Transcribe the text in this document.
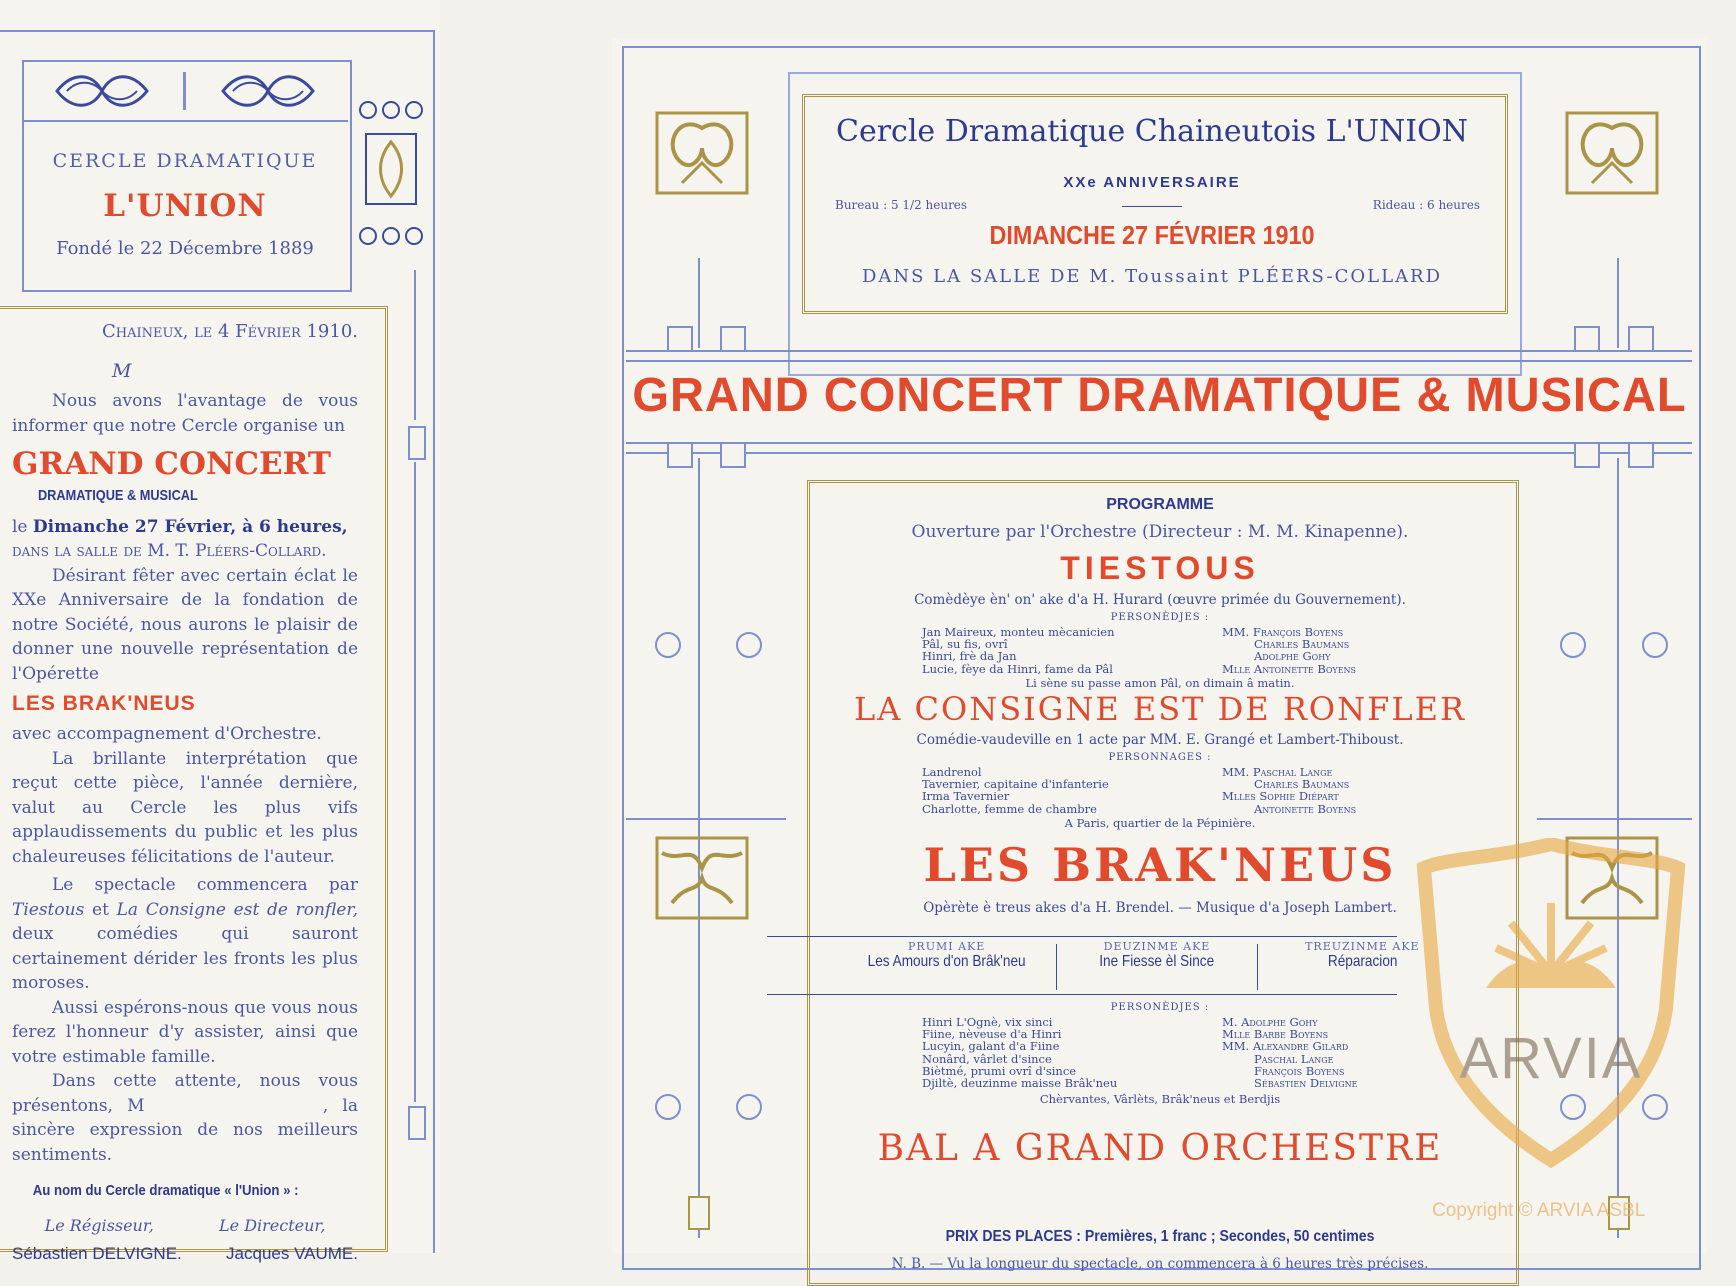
CERCLE DRAMATIQUE
L'UNION
Fondé le 22 Décembre 1889

Chaineux, le 4 Février 1910.

M

Nous avons l'avantage de vous informer que notre Cercle organise un

GRAND CONCERT

DRAMATIQUE & MUSICAL

le Dimanche 27 Février, à 6 heures,

dans la salle de M. T. Pléers-Collard.

Désirant fêter avec certain éclat le XXe Anniversaire de la fondation de notre Société, nous aurons le plaisir de donner une nouvelle représentation de l'Opérette

LES BRAK'NEUS

avec accompagnement d'Orchestre.

La brillante interprétation que reçut cette pièce, l'année dernière, valut au Cercle les plus vifs applaudissements du public et les plus chaleureuses félicitations de l'auteur.

Le spectacle commencera par Tiestous et La Consigne est de ronfler, deux comédies qui sauront certainement dérider les fronts les plus moroses.

Aussi espérons-nous que vous nous ferez l'honneur d'y assister, ainsi que votre estimable famille.

Dans cette attente, nous vous présentons, M	, la sincère expression de nos meilleurs sentiments.

Au nom du Cercle dramatique « l'Union » :

Le Régisseur,	Le Directeur,
Sébastien DELVIGNE.	Jacques VAUME.
Cercle Dramatique Chaineutois L'UNION
XXe ANNIVERSAIRE
Bureau : 5 1/2 heures	Rideau : 6 heures
DIMANCHE 27 FÉVRIER 1910
DANS LA SALLE DE M. Toussaint PLÉERS-COLLARD
GRAND CONCERT DRAMATIQUE & MUSICAL
PROGRAMME
Ouverture par l'Orchestre (Directeur : M. M. Kinapenne).
TIESTOUS
Comèdèye èn' on' ake d'a H. Hurard (œuvre primée du Gouvernement).
PERSONÈDJES :
Jan Maireux, monteu mècanicien	MM. François Boyens
Pâl, su fis, ovrî	Charles Baumans
Hinri, frè da Jan	Adolphe Gohy
Lucie, fèye da Hinri, fame da Pâl	Mlle Antoinette Boyens
Li sène su passe amon Pâl, on dimain â matin.
LA CONSIGNE EST DE RONFLER
Comédie-vaudeville en 1 acte par MM. E. Grangé et Lambert-Thiboust.
PERSONNAGES :
Landrenol	MM. Paschal Lange
Tavernier, capitaine d'infanterie	Charles Baumans
Irma Tavernier	Mlles Sophie Diépart
Charlotte, femme de chambre	Antoinette Boyens
A Paris, quartier de la Pépinière.
LES BRAK'NEUS
Opèrète è treus akes d'a H. Brendel. — Musique d'a Joseph Lambert.
PRUMI AKE
Les Amours d'on Brâk'neu
DEUZINME AKE
Ine Fiesse èl Since
TREUZINME AKE
Réparacion
PERSONÈDJES :
Hinri L'Ognè, vix sinci	M. Adolphe Gohy
Fiine, nèveuse d'a Hinri	Mlle Barbe Boyens
Lucyin, galant d'a Fiine	MM. Alexandre Gilard
Nonârd, vârlet d'since	Paschal Lange
Biètmé, prumi ovrî d'since	François Boyens
Djiltè, deuzinme maisse Brâk'neu	Sébastien Delvigne
Chèrvantes, Vârlèts, Brâk'neus et Berdjis
BAL A GRAND ORCHESTRE
PRIX DES PLACES : Premières, 1 franc ; Secondes, 50 centimes
N. B. — Vu la longueur du spectacle, on commencera à 6 heures très précises.
ARVIA
Copyright © ARVIA ASBL
